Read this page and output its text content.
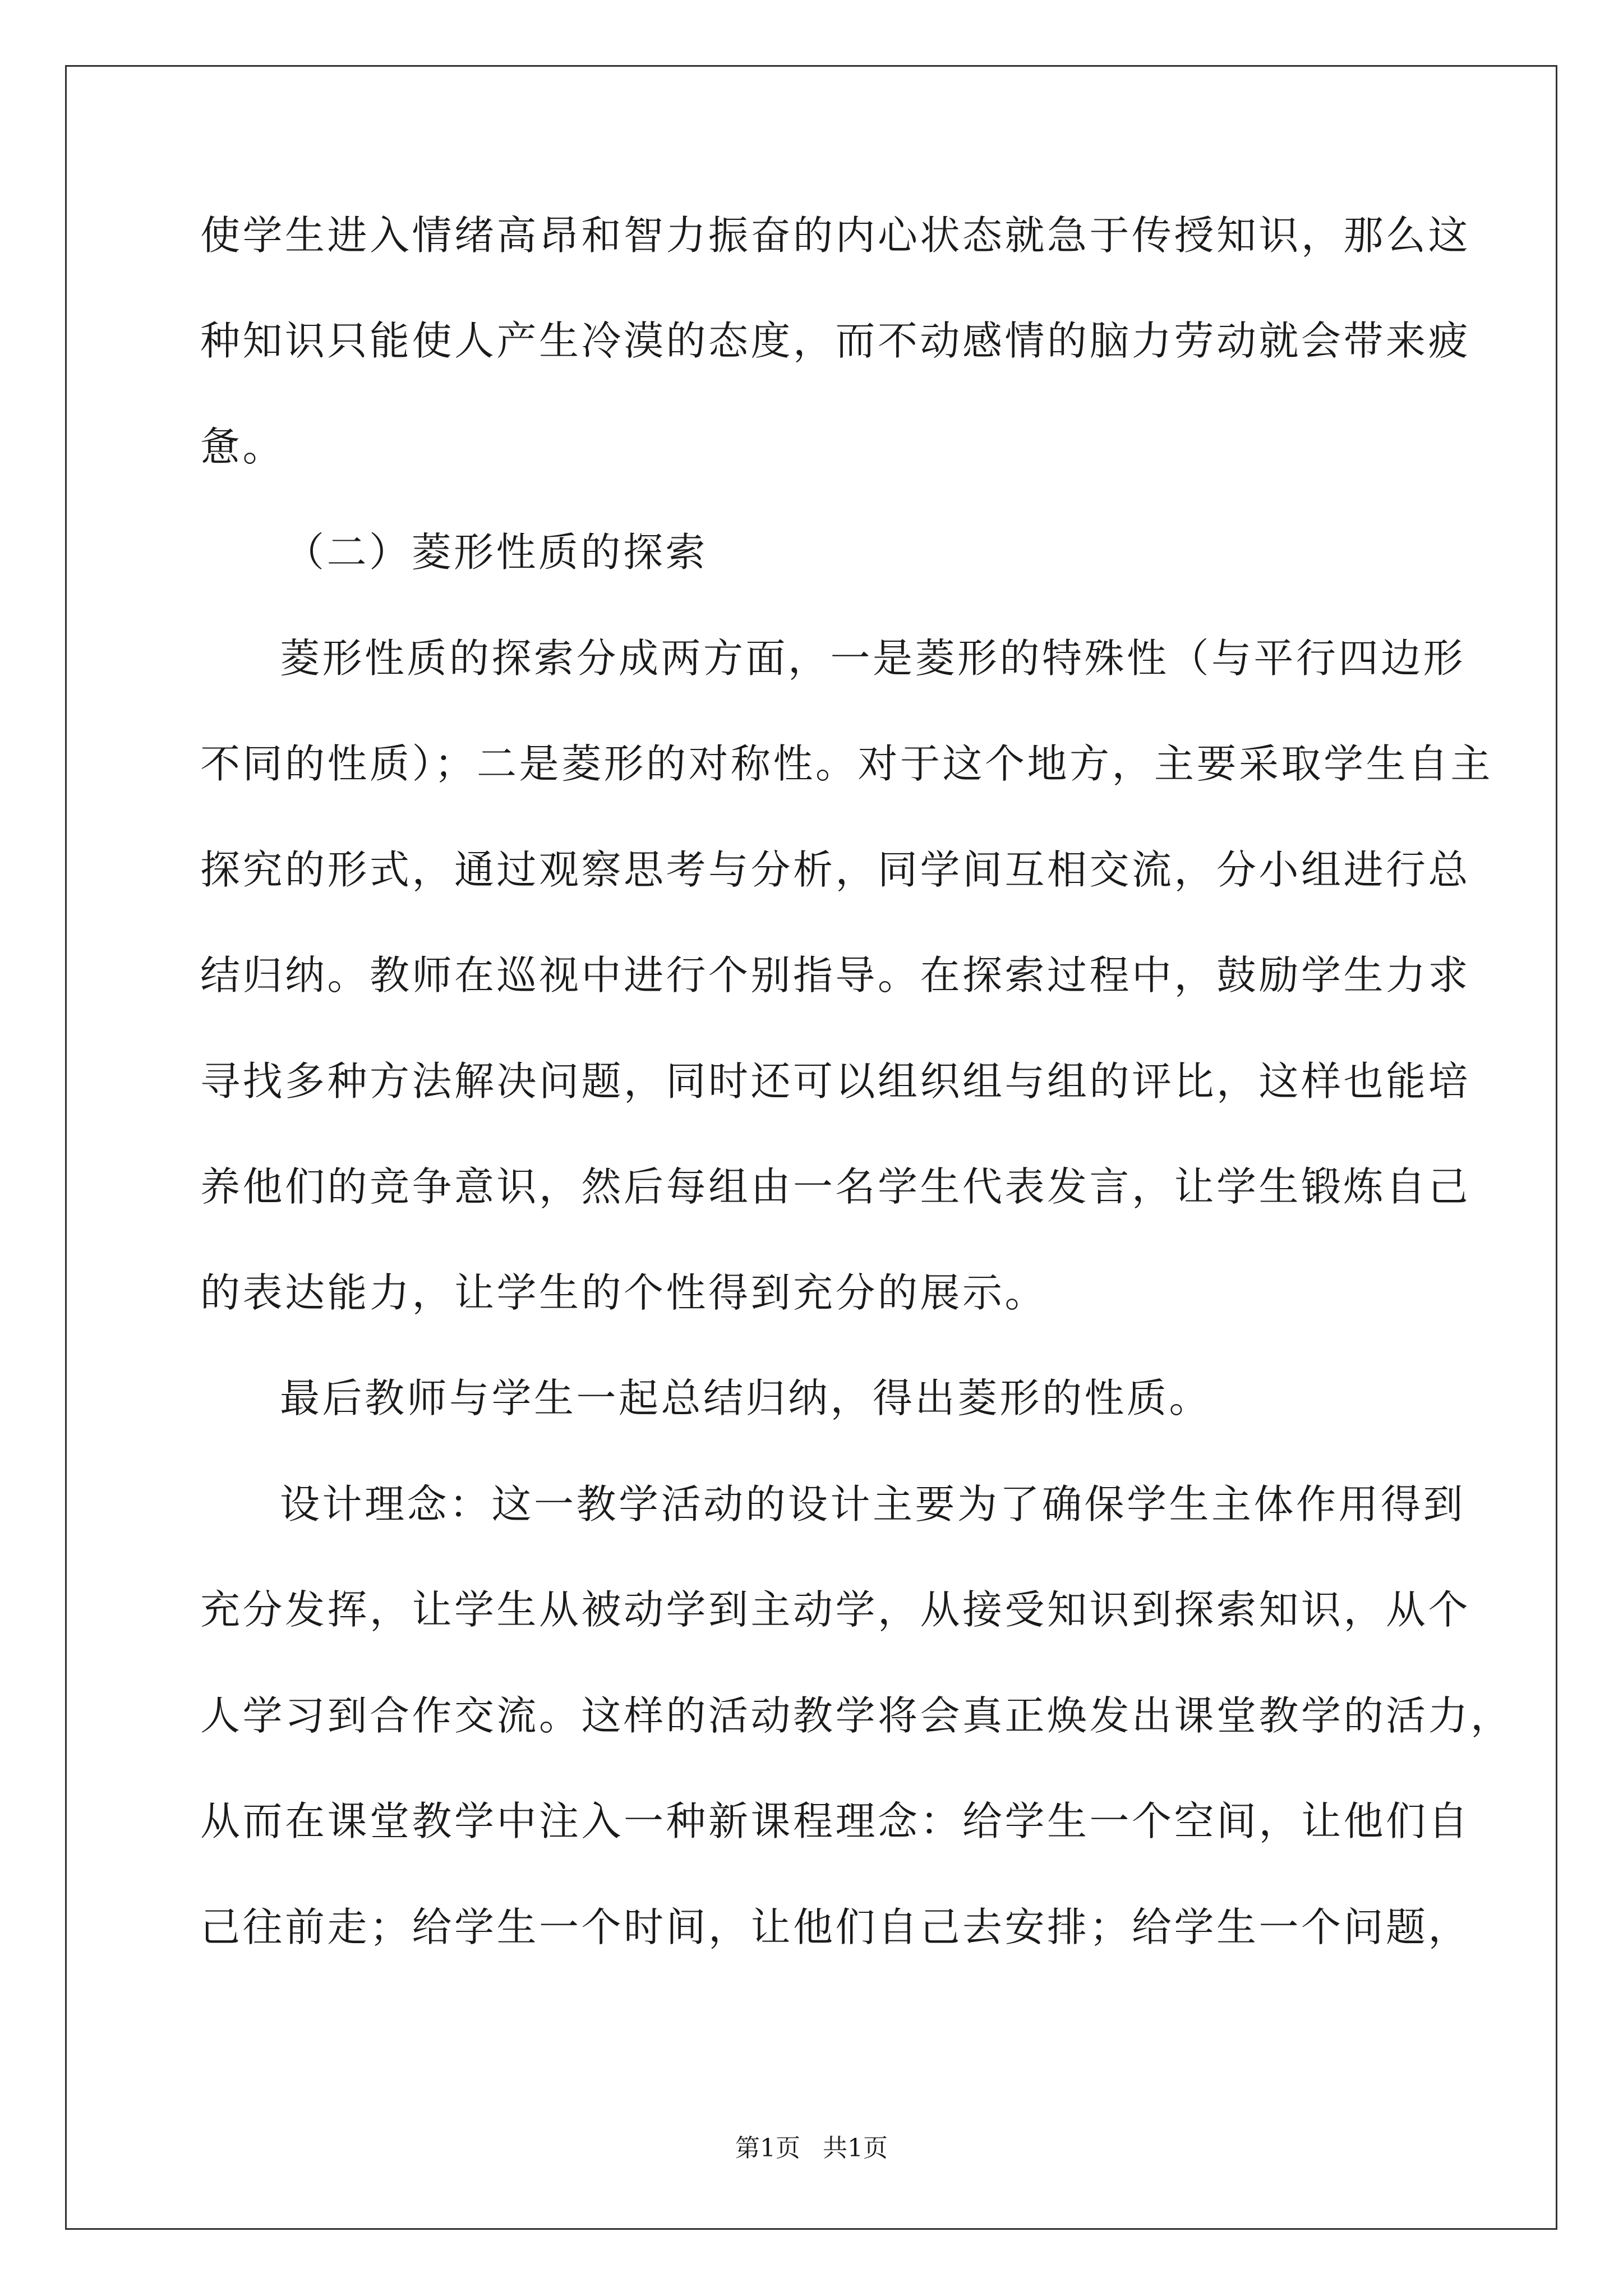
使学生进入情绪高昂和智力振奋的内心状态就急于传授知识，那么这
种知识只能使人产生冷漠的态度，而不动感情的脑力劳动就会带来疲
惫。
（二）菱形性质的探索
菱形性质的探索分成两方面，一是菱形的特殊性（与平行四边形
不同的性质）；二是菱形的对称性。对于这个地方，主要采取学生自主
探究的形式，通过观察思考与分析，同学间互相交流，分小组进行总
结归纳。教师在巡视中进行个别指导。在探索过程中，鼓励学生力求
寻找多种方法解决问题，同时还可以组织组与组的评比，这样也能培
养他们的竞争意识，然后每组由一名学生代表发言，让学生锻炼自己
的表达能力，让学生的个性得到充分的展示。
最后教师与学生一起总结归纳，得出菱形的性质。
设计理念：这一教学活动的设计主要为了确保学生主体作用得到
充分发挥，让学生从被动学到主动学，从接受知识到探索知识，从个
人学习到合作交流。这样的活动教学将会真正焕发出课堂教学的活力，
从而在课堂教学中注入一种新课程理念：给学生一个空间，让他们自
己往前走；给学生一个时间，让他们自己去安排；给学生一个问题，
第1页 共1页
